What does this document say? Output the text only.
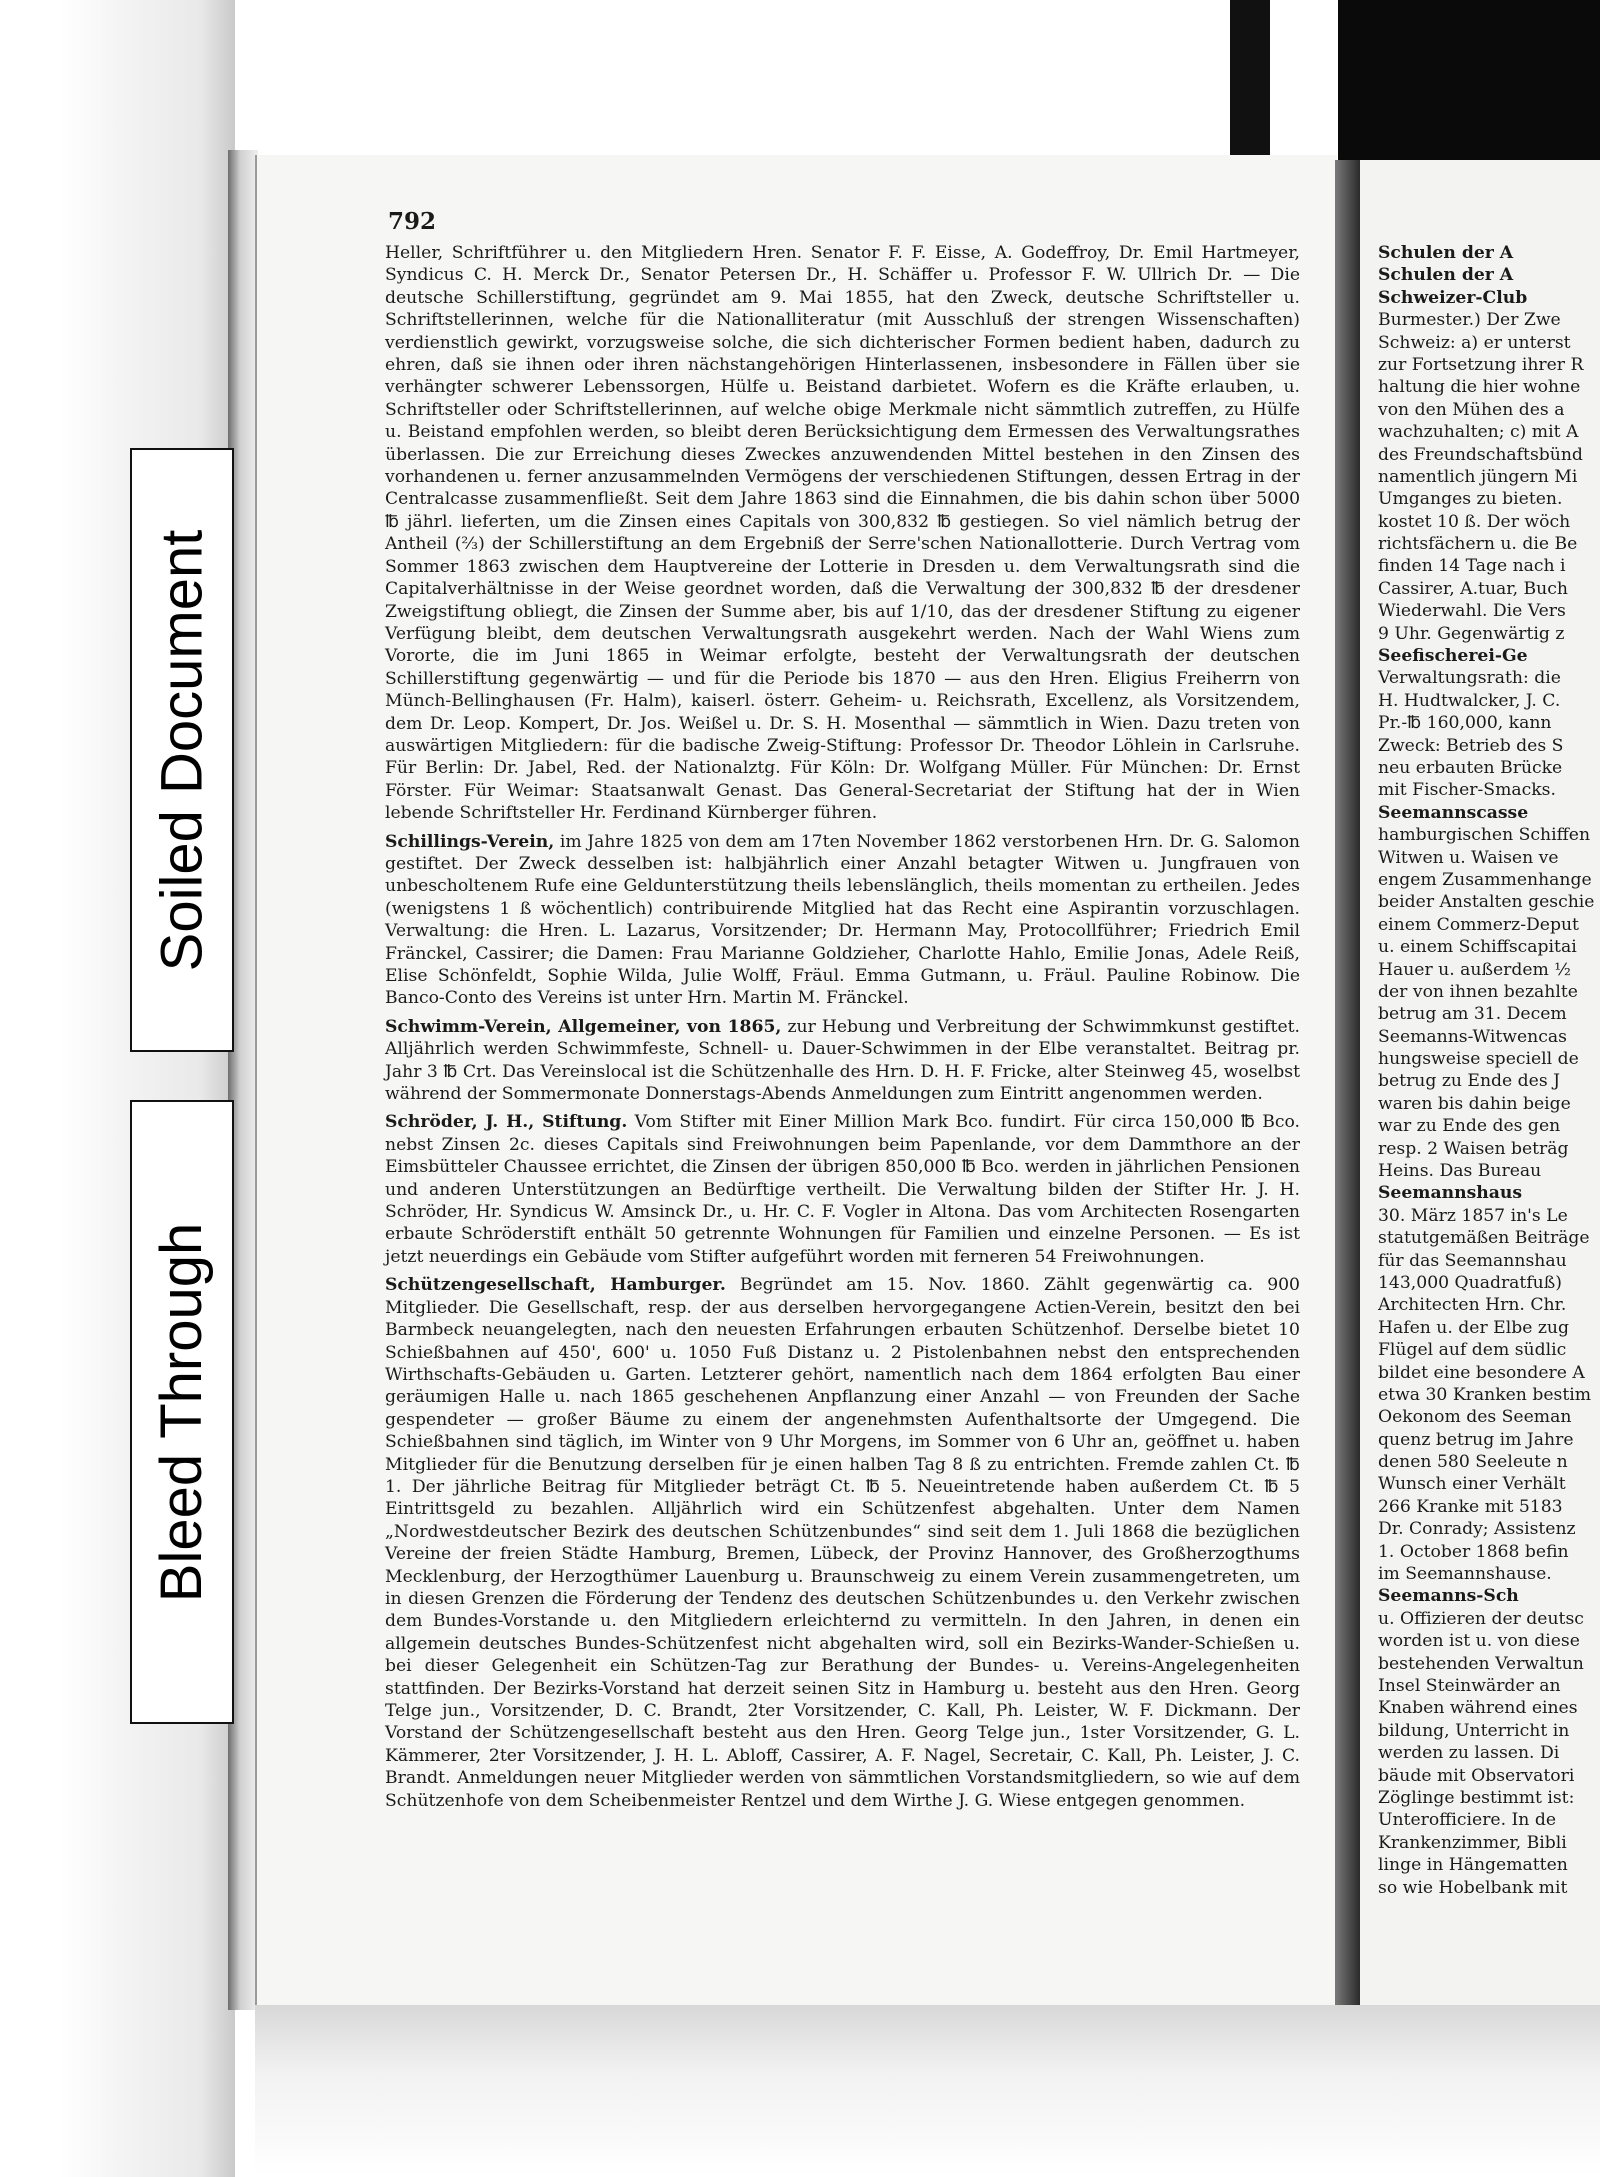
Schulen der A
Schulen der A
Schweizer-Club
Burmester.) Der Zwe
Schweiz: a) er unterst
zur Fortsetzung ihrer R
haltung die hier wohne
von den Mühen des a
wachzuhalten; c) mit A
des Freundschaftsbünd
namentlich jüngern Mi
Umganges zu bieten.
kostet 10 ß. Der wöch
richtsfächern u. die Be
finden 14 Tage nach i
Cassirer, A.tuar, Buch
Wiederwahl. Die Vers
9 Uhr. Gegenwärtig z
Seefischerei-Ge
Verwaltungsrath: die
H. Hudtwalcker, J. C.
Pr.-℔ 160,000, kann
Zweck: Betrieb des S
neu erbauten Brücke
mit Fischer-Smacks.
Seemannscasse
hamburgischen Schiffen
Witwen u. Waisen ve
engem Zusammenhange
beider Anstalten geschie
einem Commerz-Deput
u. einem Schiffscapitai
Hauer u. außerdem ½
der von ihnen bezahlte
betrug am 31. Decem
Seemanns-Witwencas
hungsweise speciell de
betrug zu Ende des J
waren bis dahin beige
war zu Ende des gen
resp. 2 Waisen beträg
Heins. Das Bureau
Seemannshaus
30. März 1857 in's Le
statutgemäßen Beiträge
für das Seemannshau
143,000 Quadratfuß)
Architecten Hrn. Chr.
Hafen u. der Elbe zug
Flügel auf dem südlic
bildet eine besondere A
etwa 30 Kranken bestim
Oekonom des Seeman
quenz betrug im Jahre
denen 580 Seeleute n
Wunsch einer Verhält
266 Kranke mit 5183
Dr. Conrady; Assistenz
1. October 1868 befin
im Seemannshause.
Seemanns-Sch
u. Offizieren der deutsc
worden ist u. von diese
bestehenden Verwaltun
Insel Steinwärder an
Knaben während eines
bildung, Unterricht in
werden zu lassen. Di
bäude mit Observatori
Zöglinge bestimmt ist:
Unterofficiere. In de
Krankenzimmer, Bibli
linge in Hängematten
so wie Hobelbank mit
792

Heller, Schriftführer u. den Mitgliedern Hren. Senator F. F. Eisse, A. Godeffroy, Dr. Emil Hartmeyer, Syndicus C. H. Merck Dr., Senator Petersen Dr., H. Schäffer u. Professor F. W. Ullrich Dr. — Die deutsche Schillerstiftung, gegründet am 9. Mai 1855, hat den Zweck, deutsche Schriftsteller u. Schriftstellerinnen, welche für die Nationalliteratur (mit Ausschluß der strengen Wissenschaften) verdienstlich gewirkt, vorzugsweise solche, die sich dichterischer Formen bedient haben, dadurch zu ehren, daß sie ihnen oder ihren nächstangehörigen Hinterlassenen, insbesondere in Fällen über sie verhängter schwerer Lebenssorgen, Hülfe u. Beistand darbietet. Wofern es die Kräfte erlauben, u. Schriftsteller oder Schriftstellerinnen, auf welche obige Merkmale nicht sämmtlich zutreffen, zu Hülfe u. Beistand empfohlen werden, so bleibt deren Berücksichtigung dem Ermessen des Verwaltungsrathes überlassen. Die zur Erreichung dieses Zweckes anzuwendenden Mittel bestehen in den Zinsen des vorhandenen u. ferner anzusammelnden Vermögens der verschiedenen Stiftungen, dessen Ertrag in der Centralcasse zusammenfließt. Seit dem Jahre 1863 sind die Einnahmen, die bis dahin schon über 5000 ℔ jährl. lieferten, um die Zinsen eines Capitals von 300,832 ℔ gestiegen. So viel nämlich betrug der Antheil (⅔) der Schillerstiftung an dem Ergebniß der Serre'schen Nationallotterie. Durch Vertrag vom Sommer 1863 zwischen dem Hauptvereine der Lotterie in Dresden u. dem Verwaltungsrath sind die Capitalverhältnisse in der Weise geordnet worden, daß die Verwaltung der 300,832 ℔ der dresdener Zweigstiftung obliegt, die Zinsen der Summe aber, bis auf 1/10, das der dresdener Stiftung zu eigener Verfügung bleibt, dem deutschen Verwaltungsrath ausgekehrt werden. Nach der Wahl Wiens zum Vororte, die im Juni 1865 in Weimar erfolgte, besteht der Verwaltungsrath der deutschen Schillerstiftung gegenwärtig — und für die Periode bis 1870 — aus den Hren. Eligius Freiherrn von Münch-Bellinghausen (Fr. Halm), kaiserl. österr. Geheim- u. Reichsrath, Excellenz, als Vorsitzendem, dem Dr. Leop. Kompert, Dr. Jos. Weißel u. Dr. S. H. Mosenthal — sämmtlich in Wien. Dazu treten von auswärtigen Mitgliedern: für die badische Zweig-Stiftung: Professor Dr. Theodor Löhlein in Carlsruhe. Für Berlin: Dr. Jabel, Red. der Nationalztg. Für Köln: Dr. Wolfgang Müller. Für München: Dr. Ernst Förster. Für Weimar: Staatsanwalt Genast. Das General-Secretariat der Stiftung hat der in Wien lebende Schriftsteller Hr. Ferdinand Kürnberger führen.

Schillings-Verein, im Jahre 1825 von dem am 17ten November 1862 verstorbenen Hrn. Dr. G. Salomon gestiftet. Der Zweck desselben ist: halbjährlich einer Anzahl betagter Witwen u. Jungfrauen von unbescholtenem Rufe eine Geldunterstützung theils lebenslänglich, theils momentan zu ertheilen. Jedes (wenigstens 1 ß wöchentlich) contribuirende Mitglied hat das Recht eine Aspirantin vorzuschlagen. Verwaltung: die Hren. L. Lazarus, Vorsitzender; Dr. Hermann May, Protocollführer; Friedrich Emil Fränckel, Cassirer; die Damen: Frau Marianne Goldzieher, Charlotte Hahlo, Emilie Jonas, Adele Reiß, Elise Schönfeldt, Sophie Wilda, Julie Wolff, Fräul. Emma Gutmann, u. Fräul. Pauline Robinow. Die Banco-Conto des Vereins ist unter Hrn. Martin M. Fränckel.

Schwimm-Verein, Allgemeiner, von 1865, zur Hebung und Verbreitung der Schwimmkunst gestiftet. Alljährlich werden Schwimmfeste, Schnell- u. Dauer-Schwimmen in der Elbe veranstaltet. Beitrag pr. Jahr 3 ℔ Crt. Das Vereinslocal ist die Schützenhalle des Hrn. D. H. F. Fricke, alter Steinweg 45, woselbst während der Sommermonate Donnerstags-Abends Anmeldungen zum Eintritt angenommen werden.

Schröder, J. H., Stiftung. Vom Stifter mit Einer Million Mark Bco. fundirt. Für circa 150,000 ℔ Bco. nebst Zinsen 2c. dieses Capitals sind Freiwohnungen beim Papenlande, vor dem Dammthore an der Eimsbütteler Chaussee errichtet, die Zinsen der übrigen 850,000 ℔ Bco. werden in jährlichen Pensionen und anderen Unterstützungen an Bedürftige vertheilt. Die Verwaltung bilden der Stifter Hr. J. H. Schröder, Hr. Syndicus W. Amsinck Dr., u. Hr. C. F. Vogler in Altona. Das vom Architecten Rosengarten erbaute Schröderstift enthält 50 getrennte Wohnungen für Familien und einzelne Personen. — Es ist jetzt neuerdings ein Gebäude vom Stifter aufgeführt worden mit ferneren 54 Freiwohnungen.

Schützengesellschaft, Hamburger. Begründet am 15. Nov. 1860. Zählt gegenwärtig ca. 900 Mitglieder. Die Gesellschaft, resp. der aus derselben hervorgegangene Actien-Verein, besitzt den bei Barmbeck neuangelegten, nach den neuesten Erfahrungen erbauten Schützenhof. Derselbe bietet 10 Schießbahnen auf 450', 600' u. 1050 Fuß Distanz u. 2 Pistolenbahnen nebst den entsprechenden Wirthschafts-Gebäuden u. Garten. Letzterer gehört, namentlich nach dem 1864 erfolgten Bau einer geräumigen Halle u. nach 1865 geschehenen Anpflanzung einer Anzahl — von Freunden der Sache gespendeter — großer Bäume zu einem der angenehmsten Aufenthaltsorte der Umgegend. Die Schießbahnen sind täglich, im Winter von 9 Uhr Morgens, im Sommer von 6 Uhr an, geöffnet u. haben Mitglieder für die Benutzung derselben für je einen halben Tag 8 ß zu entrichten. Fremde zahlen Ct. ℔ 1. Der jährliche Beitrag für Mitglieder beträgt Ct. ℔ 5. Neueintretende haben außerdem Ct. ℔ 5 Eintrittsgeld zu bezahlen. Alljährlich wird ein Schützenfest abgehalten. Unter dem Namen „Nordwestdeutscher Bezirk des deutschen Schützenbundes“ sind seit dem 1. Juli 1868 die bezüglichen Vereine der freien Städte Hamburg, Bremen, Lübeck, der Provinz Hannover, des Großherzogthums Mecklenburg, der Herzogthümer Lauenburg u. Braunschweig zu einem Verein zusammengetreten, um in diesen Grenzen die Förderung der Tendenz des deutschen Schützenbundes u. den Verkehr zwischen dem Bundes-Vorstande u. den Mitgliedern erleichternd zu vermitteln. In den Jahren, in denen ein allgemein deutsches Bundes-Schützenfest nicht abgehalten wird, soll ein Bezirks-Wander-Schießen u. bei dieser Gelegenheit ein Schützen-Tag zur Berathung der Bundes- u. Vereins-Angelegenheiten stattfinden. Der Bezirks-Vorstand hat derzeit seinen Sitz in Hamburg u. besteht aus den Hren. Georg Telge jun., Vorsitzender, D. C. Brandt, 2ter Vorsitzender, C. Kall, Ph. Leister, W. F. Dickmann. Der Vorstand der Schützengesellschaft besteht aus den Hren. Georg Telge jun., 1ster Vorsitzender, G. L. Kämmerer, 2ter Vorsitzender, J. H. L. Abloff, Cassirer, A. F. Nagel, Secretair, C. Kall, Ph. Leister, J. C. Brandt. Anmeldungen neuer Mitglieder werden von sämmtlichen Vorstandsmitgliedern, so wie auf dem Schützenhofe von dem Scheibenmeister Rentzel und dem Wirthe J. G. Wiese entgegen genommen.

Soiled Document
Bleed Through
